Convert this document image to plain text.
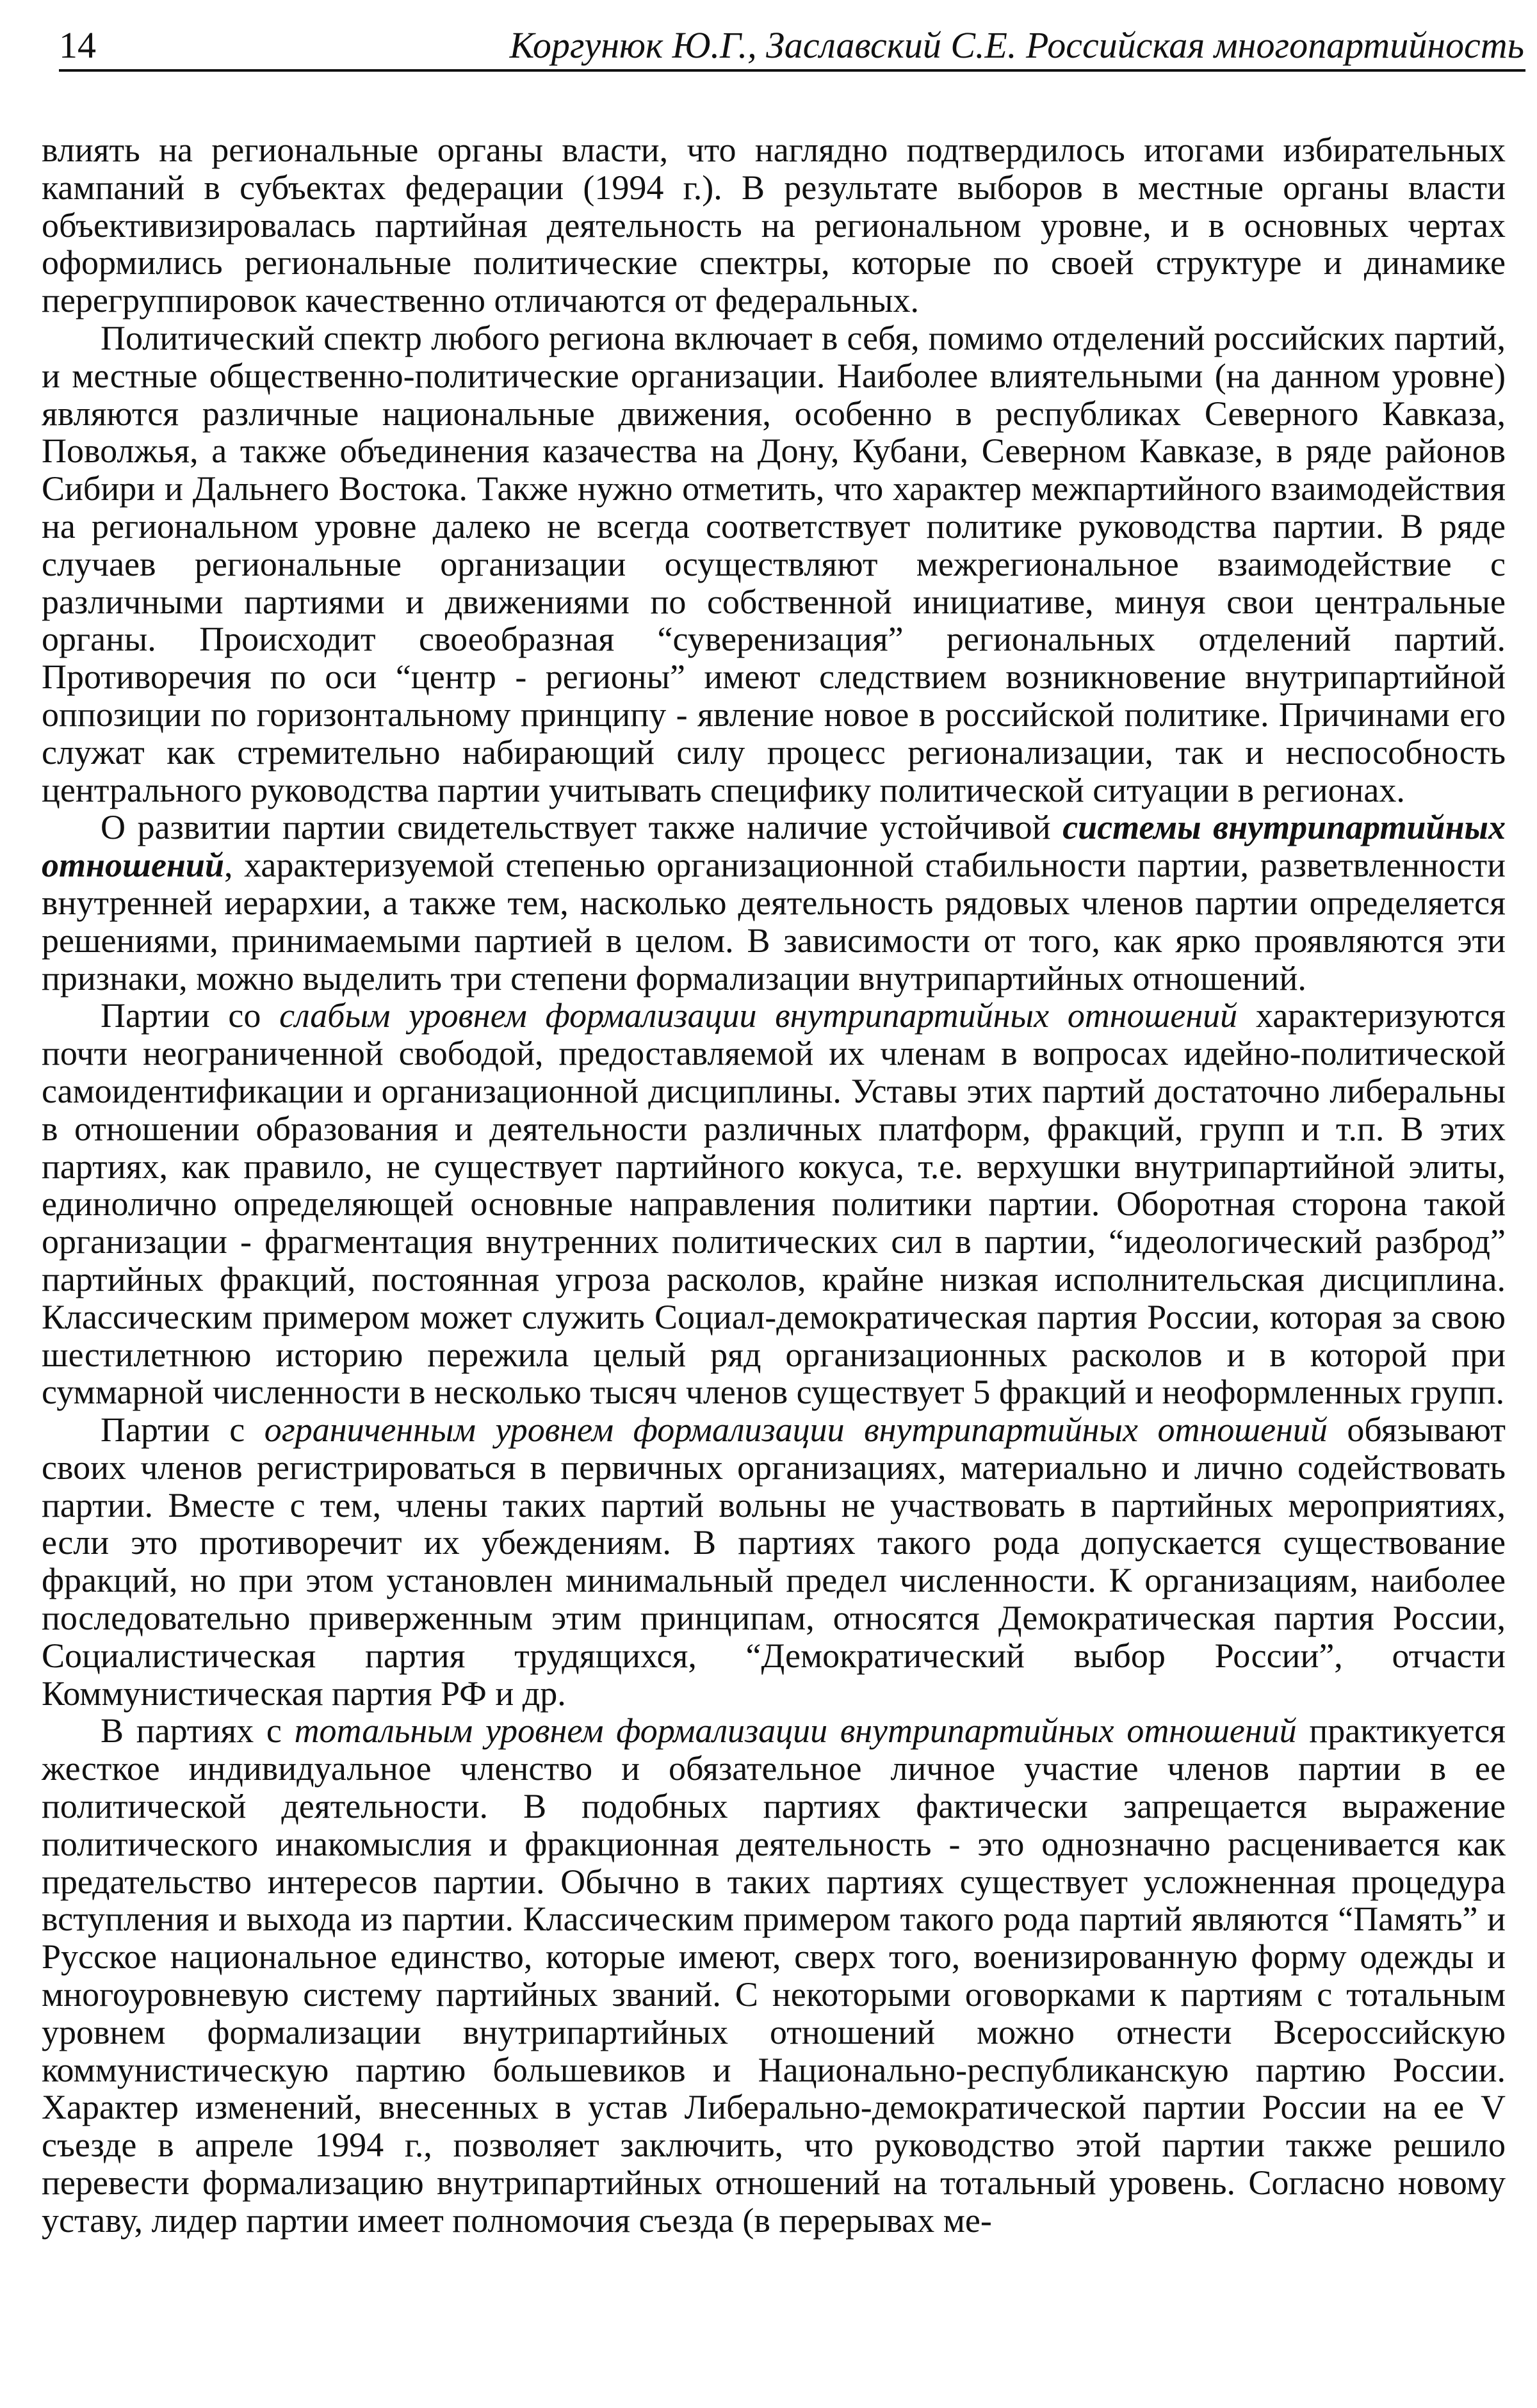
14	Коргунюк Ю.Г., Заславский С.Е. Российская многопартийность

влиять на региональные органы власти, что наглядно подтвердилось итогами избирательных кампаний в субъектах федерации (1994 г.). В результате выборов в местные органы власти объективизировалась партийная деятельность на региональном уровне, и в основных чертах оформились региональные политические спектры, которые по своей структуре и динамике перегруппировок качественно отличаются от федеральных.

Политический спектр любого региона включает в себя, помимо отделений российских партий, и местные общественно-политические организации. Наиболее влиятельными (на данном уровне) являются различные национальные движения, особенно в республиках Северного Кавказа, Поволжья, а также объединения казачества на Дону, Кубани, Северном Кавказе, в ряде районов Сибири и Дальнего Востока. Также нужно отметить, что характер межпартийного взаимодействия на региональном уровне далеко не всегда соответствует политике руководства партии. В ряде случаев региональные организации осуществляют межрегиональное взаимодействие с различными партиями и движениями по собственной инициативе, минуя свои центральные органы. Происходит своеобразная “суверенизация” региональных отделений партий. Противоречия по оси “центр - регионы” имеют следствием возникновение внутрипартийной оппозиции по горизонтальному принципу - явление новое в российской политике. Причинами его служат как стремительно набирающий силу процесс регионализации, так и неспособность центрального руководства партии учитывать специфику политической ситуации в регионах.

О развитии партии свидетельствует также наличие устойчивой системы внутрипартийных отношений, характеризуемой степенью организационной стабильности партии, разветвленности внутренней иерархии, а также тем, насколько деятельность рядовых членов партии определяется решениями, принимаемыми партией в целом. В зависимости от того, как ярко проявляются эти признаки, можно выделить три степени формализации внутрипартийных отношений.

Партии со слабым уровнем формализации внутрипартийных отношений характеризуются почти неограниченной свободой, предоставляемой их членам в вопросах идейно-политической самоидентификации и организационной дисциплины. Уставы этих партий достаточно либеральны в отношении образования и деятельности различных платформ, фракций, групп и т.п. В этих партиях, как правило, не существует партийного кокуса, т.е. верхушки внутрипартийной элиты, единолично определяющей основные направления политики партии. Оборотная сторона такой организации - фрагментация внутренних политических сил в партии, “идеологический разброд” партийных фракций, постоянная угроза расколов, крайне низкая исполнительская дисциплина. Классическим примером может служить Социал-демократическая партия России, которая за свою шестилетнюю историю пережила целый ряд организационных расколов и в которой при суммарной численности в несколько тысяч членов существует 5 фракций и неоформленных групп.

Партии с ограниченным уровнем формализации внутрипартийных отношений обязывают своих членов регистрироваться в первичных организациях, материально и лично содействовать партии. Вместе с тем, члены таких партий вольны не участвовать в партийных мероприятиях, если это противоречит их убеждениям. В партиях такого рода допускается существование фракций, но при этом установлен минимальный предел численности. К организациям, наиболее последовательно приверженным этим принципам, относятся Демократическая партия России, Социалистическая партия трудящихся, “Демократический выбор России”, отчасти Коммунистическая партия РФ и др.

В партиях с тотальным уровнем формализации внутрипартийных отношений практикуется жесткое индивидуальное членство и обязательное личное участие членов партии в ее политической деятельности. В подобных партиях фактически запрещается выражение политического инакомыслия и фракционная деятельность - это однозначно расценивается как предательство интересов партии. Обычно в таких партиях существует усложненная процедура вступления и выхода из партии. Классическим примером такого рода партий являются “Память” и Русское национальное единство, которые имеют, сверх того, военизированную форму одежды и многоуровневую систему партийных званий. С некоторыми оговорками к партиям с тотальным уровнем формализации внутрипартийных отношений можно отнести Всероссийскую коммунистическую партию большевиков и Национально-республиканскую партию России. Характер изменений, внесенных в устав Либерально-демократической партии России на ее V съезде в апреле 1994 г., позволяет заключить, что руководство этой партии также решило перевести формализацию внутрипартийных отношений на тотальный уровень. Согласно новому уставу, лидер партии имеет полномочия съезда (в перерывах ме-
